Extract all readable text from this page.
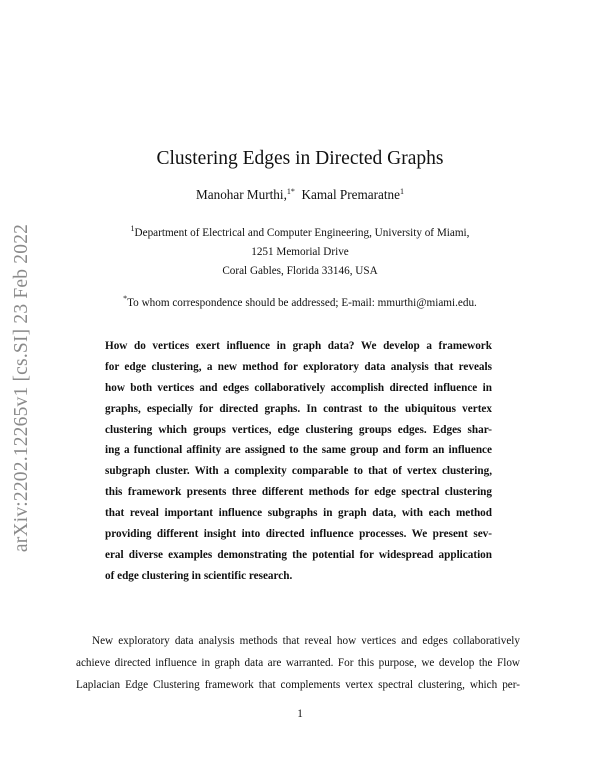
arXiv:2202.12265v1 [cs.SI] 23 Feb 2022
Clustering Edges in Directed Graphs
Manohar Murthi,$^{1*}$ Kamal Premaratne$^1$
$^1$Department of Electrical and Computer Engineering, University of Miami,
1251 Memorial Drive
Coral Gables, Florida 33146, USA
*To whom correspondence should be addressed; E-mail: mmurthi@miami.edu.
How do vertices exert influence in graph data? We develop a framework
for edge clustering, a new method for exploratory data analysis that reveals
how both vertices and edges collaboratively accomplish directed influence in
graphs, especially for directed graphs. In contrast to the ubiquitous vertex
clustering which groups vertices, edge clustering groups edges. Edges shar-
ing a functional affinity are assigned to the same group and form an influence
subgraph cluster. With a complexity comparable to that of vertex clustering,
this framework presents three different methods for edge spectral clustering
that reveal important influence subgraphs in graph data, with each method
providing different insight into directed influence processes. We present sev-
eral diverse examples demonstrating the potential for widespread application
of edge clustering in scientific research.
New exploratory data analysis methods that reveal how vertices and edges collaboratively
achieve directed influence in graph data are warranted. For this purpose, we develop the Flow
Laplacian Edge Clustering framework that complements vertex spectral clustering, which per-
1
